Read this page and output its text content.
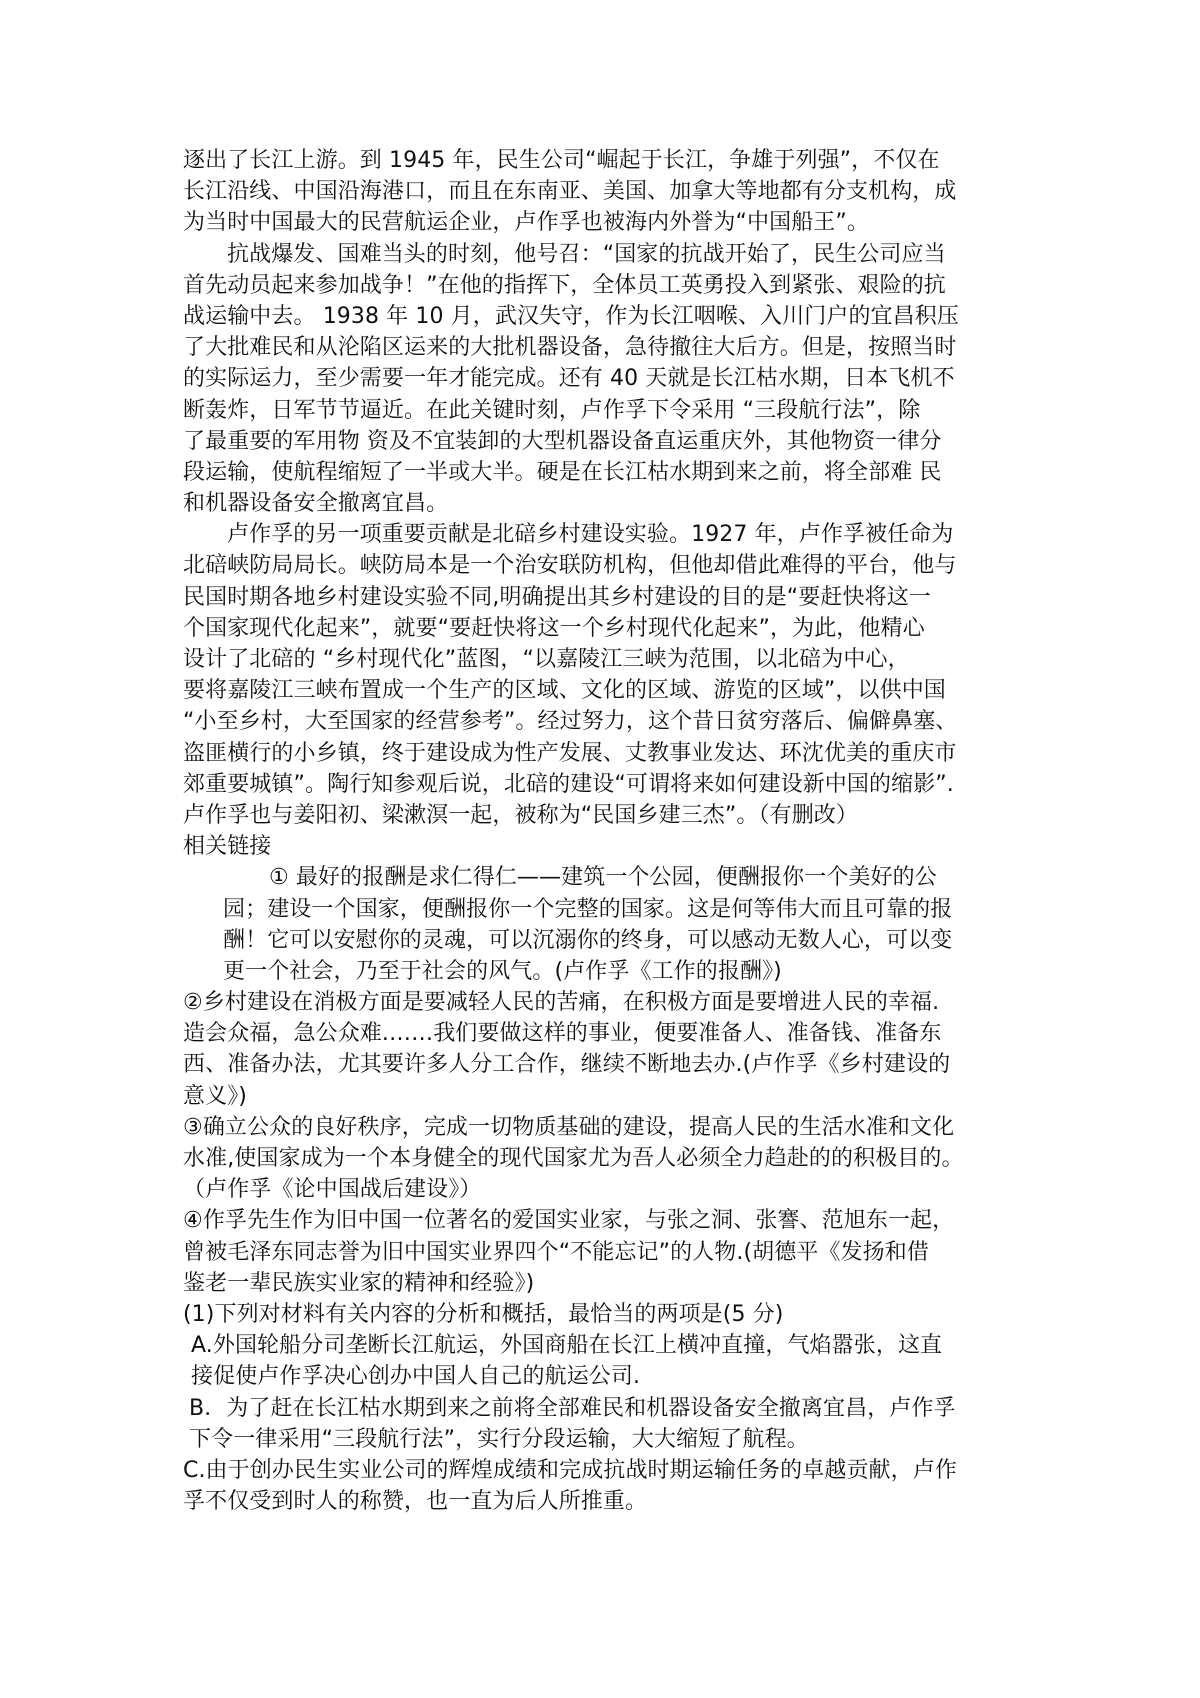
逐出了长江上游。到 1945 年，民生公司“崛起于长江，争雄于列强”，不仅在
长江沿线、中国沿海港口，而且在东南亚、美国、加拿大等地都有分支机构，成
为当时中国最大的民营航运企业，卢作孚也被海内外誉为“中国船王”。
抗战爆发、国难当头的时刻，他号召：“国家的抗战开始了，民生公司应当
首先动员起来参加战争！”在他的指挥下，全体员工英勇投入到紧张、艰险的抗
战运输中去。 1938 年 10 月，武汉失守，作为长江咽喉、入川门户的宜昌积压
了大批难民和从沦陷区运来的大批机器设备，急待撤往大后方。但是，按照当时
的实际运力，至少需要一年才能完成。还有 40 天就是长江枯水期，日本飞机不
断轰炸，日军节节逼近。在此关键时刻，卢作孚下令采用 “三段航行法”，除
了最重要的军用物 资及不宜装卸的大型机器设备直运重庆外，其他物资一律分
段运输，使航程缩短了一半或大半。硬是在长江枯水期到来之前，将全部难 民
和机器设备安全撤离宜昌。
卢作孚的另一项重要贡献是北碚乡村建设实验。1927 年，卢作孚被任命为
北碚峡防局局长。峡防局本是一个治安联防机构，但他却借此难得的平台，他与
民国时期各地乡村建设实验不同,明确提出其乡村建设的目的是“要赶快将这一
个国家现代化起来”，就要“要赶快将这一个乡村现代化起来”，为此，他精心
设计了北碚的 “乡村现代化”蓝图，“以嘉陵江三峡为范围，以北碚为中心，
要将嘉陵江三峡布置成一个生产的区域、文化的区域、游览的区域”，以供中国
“小至乡村，大至国家的经营参考”。经过努力，这个昔日贫穷落后、偏僻鼻塞、
盗匪横行的小乡镇，终于建设成为性产发展、丈教事业发达、环沈优美的重庆市
郊重要城镇”。陶行知参观后说，北碚的建设“可谓将来如何建设新中国的缩影”.
卢作孚也与姜阳初、梁漱溟一起，被称为“民国乡建三杰”。（有删改）
相关链接
① 最好的报酬是求仁得仁——建筑一个公园，便酬报你一个美好的公
园；建设一个国家，便酬报你一个完整的国家。这是何等伟大而且可靠的报
酬！它可以安慰你的灵魂，可以沉溺你的终身，可以感动无数人心，可以变
更一个社会，乃至于社会的风气。(卢作孚《工作的报酬》)
②乡村建设在消极方面是要减轻人民的苦痛，在积极方面是要增进人民的幸福.
造会众福，急公众难.……我们要做这样的事业，便要准备人、准备钱、准备东
西、准备办法，尤其要许多人分工合作，继续不断地去办.(卢作孚《乡村建设的
意义》)
③确立公众的良好秩序，完成一切物质基础的建设，提高人民的生活水准和文化
水准,使国家成为一个本身健全的现代国家尤为吾人必须全力趋赴的的积极目的。
（卢作孚《论中国战后建设》）
④作孚先生作为旧中国一位著名的爱国实业家，与张之洞、张謇、范旭东一起，
曾被毛泽东同志誉为旧中国实业界四个“不能忘记”的人物.(胡德平《发扬和借
鉴老一辈民族实业家的精神和经验》)
(1)下列对材料有关内容的分析和概括，最恰当的两项是(5 分)
A.外国轮船分司垄断长江航运，外国商船在长江上横冲直撞，气焰嚣张，这直
接促使卢作孚决心创办中国人自己的航运公司.
B．为了赶在长江枯水期到来之前将全部难民和机器设备安全撤离宜昌，卢作孚
下令一律采用“三段航行法”，实行分段运输，大大缩短了航程。
C.由于创办民生实业公司的辉煌成绩和完成抗战时期运输任务的卓越贡献，卢作
孚不仅受到时人的称赞，也一直为后人所推重。
